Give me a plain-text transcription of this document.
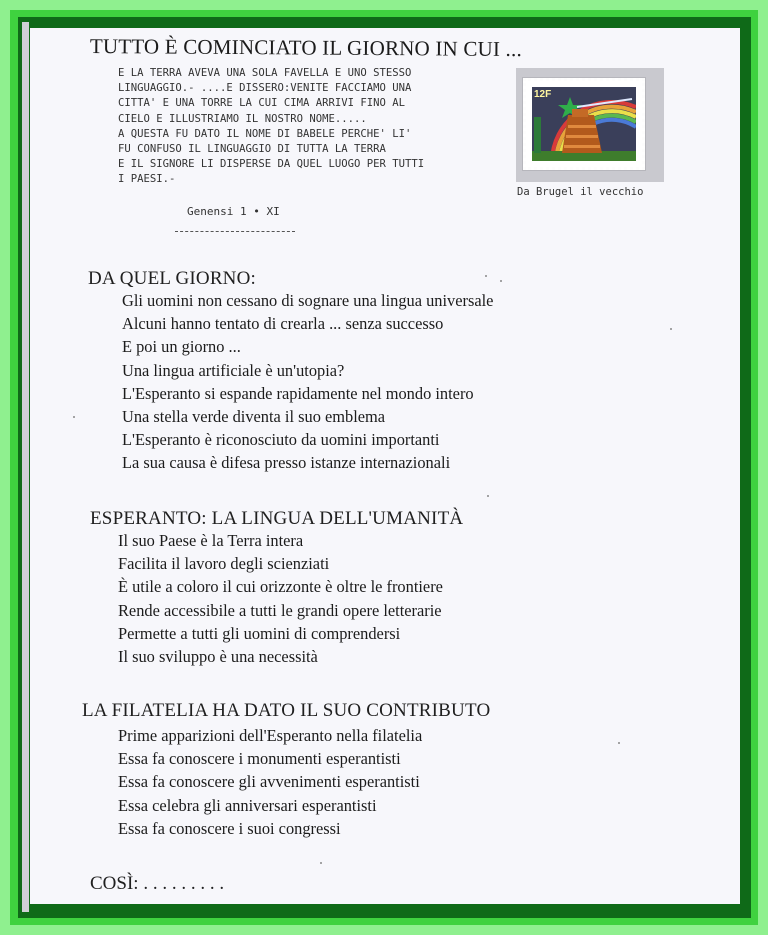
TUTTO È COMINCIATO IL GIORNO IN CUI ...
E LA TERRA AVEVA UNA SOLA FAVELLA E UNO STESSO
LINGUAGGIO.- ....E DISSERO:VENITE FACCIAMO UNA
CITTA' E UNA TORRE LA CUI CIMA ARRIVI FINO AL
CIELO E ILLUSTRIAMO IL NOSTRO NOME.....
A QUESTA FU DATO IL NOME DI BABELE PERCHE' LI'
FU CONFUSO IL LINGUAGGIO DI TUTTA LA TERRA
E IL SIGNORE LI DISPERSE DA QUEL LUOGO PER TUTTI
I PAESI.-
Genensi 1 • XI
12F
Da Brugel il vecchio
DA QUEL GIORNO:
Gli uomini non cessano di sognare una lingua universale
Alcuni hanno tentato di crearla ... senza successo
E poi un giorno ...
Una lingua artificiale è un'utopia?
L'Esperanto si espande rapidamente nel mondo intero
Una stella verde diventa il suo emblema
L'Esperanto è riconosciuto da uomini importanti
La sua causa è difesa presso istanze internazionali
ESPERANTO: LA LINGUA DELL'UMANITÀ
Il suo Paese è la Terra intera
Facilita il lavoro degli scienziati
È utile a coloro il cui orizzonte è oltre le frontiere
Rende accessibile a tutti le grandi opere letterarie
Permette a tutti gli uomini di comprendersi
Il suo sviluppo è una necessità
LA FILATELIA HA DATO IL SUO CONTRIBUTO
Prime apparizioni dell'Esperanto nella filatelia
Essa fa conoscere i monumenti esperantisti
Essa fa conoscere gli avvenimenti esperantisti
Essa celebra gli anniversari esperantisti
Essa fa conoscere i suoi congressi
COSÌ: . . . . . . . . .
